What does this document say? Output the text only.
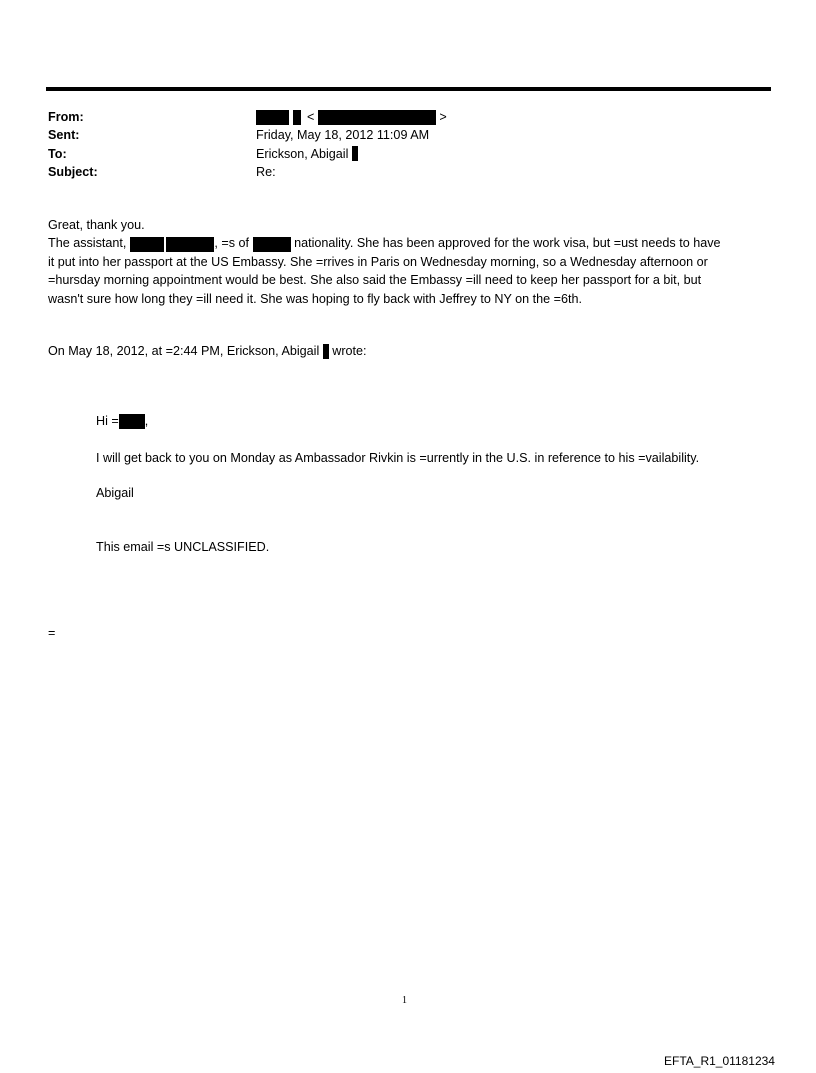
From:	<	>
Sent:	Friday, May 18, 2012 11:09 AM
To:	Erickson, Abigail
Subject:	Re:

Great, thank you.

The assistant,	, =s of	nationality. She has been approved for the work visa, but =ust needs to have

it put into her passport at the US Embassy. She =rrives in Paris on Wednesday morning, so a Wednesday afternoon or

=hursday morning appointment would be best. She also said the Embassy =ill need to keep her passport for a bit, but

wasn't sure how long they =ill need it. She was hoping to fly back with Jeffrey to NY on the =6th.

On May 18, 2012, at =2:44 PM, Erickson, Abigail wrote:
Hi = ,
I will get back to you on Monday as Ambassador Rivkin is =urrently in the U.S. in reference to his =vailability.
Abigail
This email =s UNCLASSIFIED.
=
1
EFTA_R1_01181234
